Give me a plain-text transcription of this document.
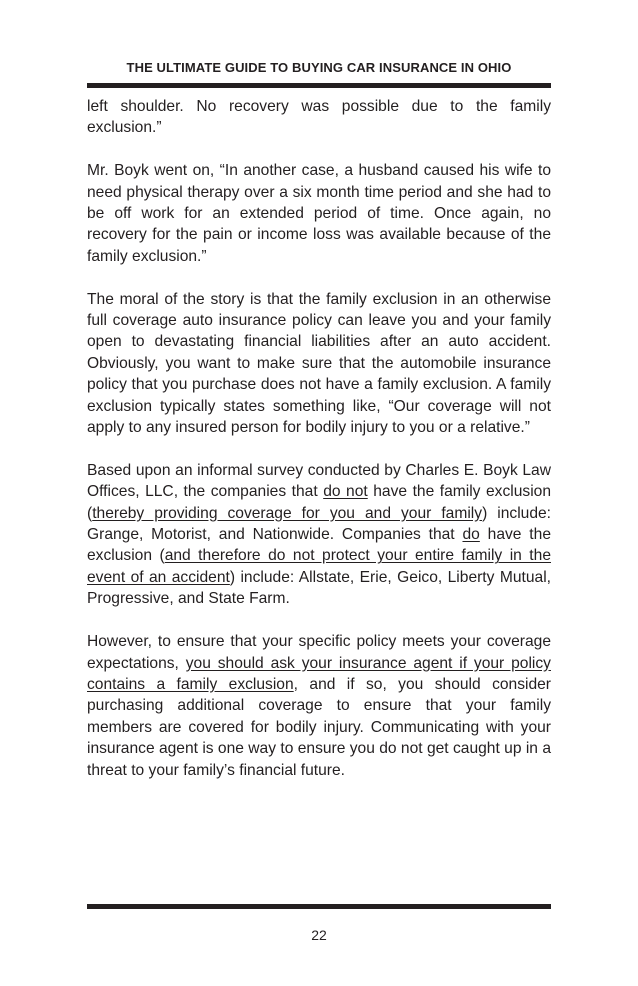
THE ULTIMATE GUIDE TO BUYING CAR INSURANCE IN OHIO

left shoulder. No recovery was possible due to the family exclusion.”

Mr. Boyk went on, “In another case, a husband caused his wife to need physical therapy over a six month time period and she had to be off work for an extended period of time. Once again, no recovery for the pain or income loss was available because of the family exclusion.”

The moral of the story is that the family exclusion in an otherwise full coverage auto insurance policy can leave you and your family open to devastating financial liabilities after an auto accident. Obviously, you want to make sure that the automobile insurance policy that you purchase does not have a family exclusion. A family exclusion typically states something like, “Our coverage will not apply to any insured person for bodily injury to you or a relative.”

Based upon an informal survey conducted by Charles E. Boyk Law Offices, LLC, the companies that do not have the family exclusion (thereby providing coverage for you and your family) include: Grange, Motorist, and Nationwide. Companies that do have the exclusion (and therefore do not protect your entire family in the event of an accident) include: Allstate, Erie, Geico, Liberty Mutual, Progressive, and State Farm.

However, to ensure that your specific policy meets your coverage expectations, you should ask your insurance agent if your policy contains a family exclusion, and if so, you should consider purchasing additional coverage to ensure that your family members are covered for bodily injury. Communicating with your insurance agent is one way to ensure you do not get caught up in a threat to your family’s financial future.

22
